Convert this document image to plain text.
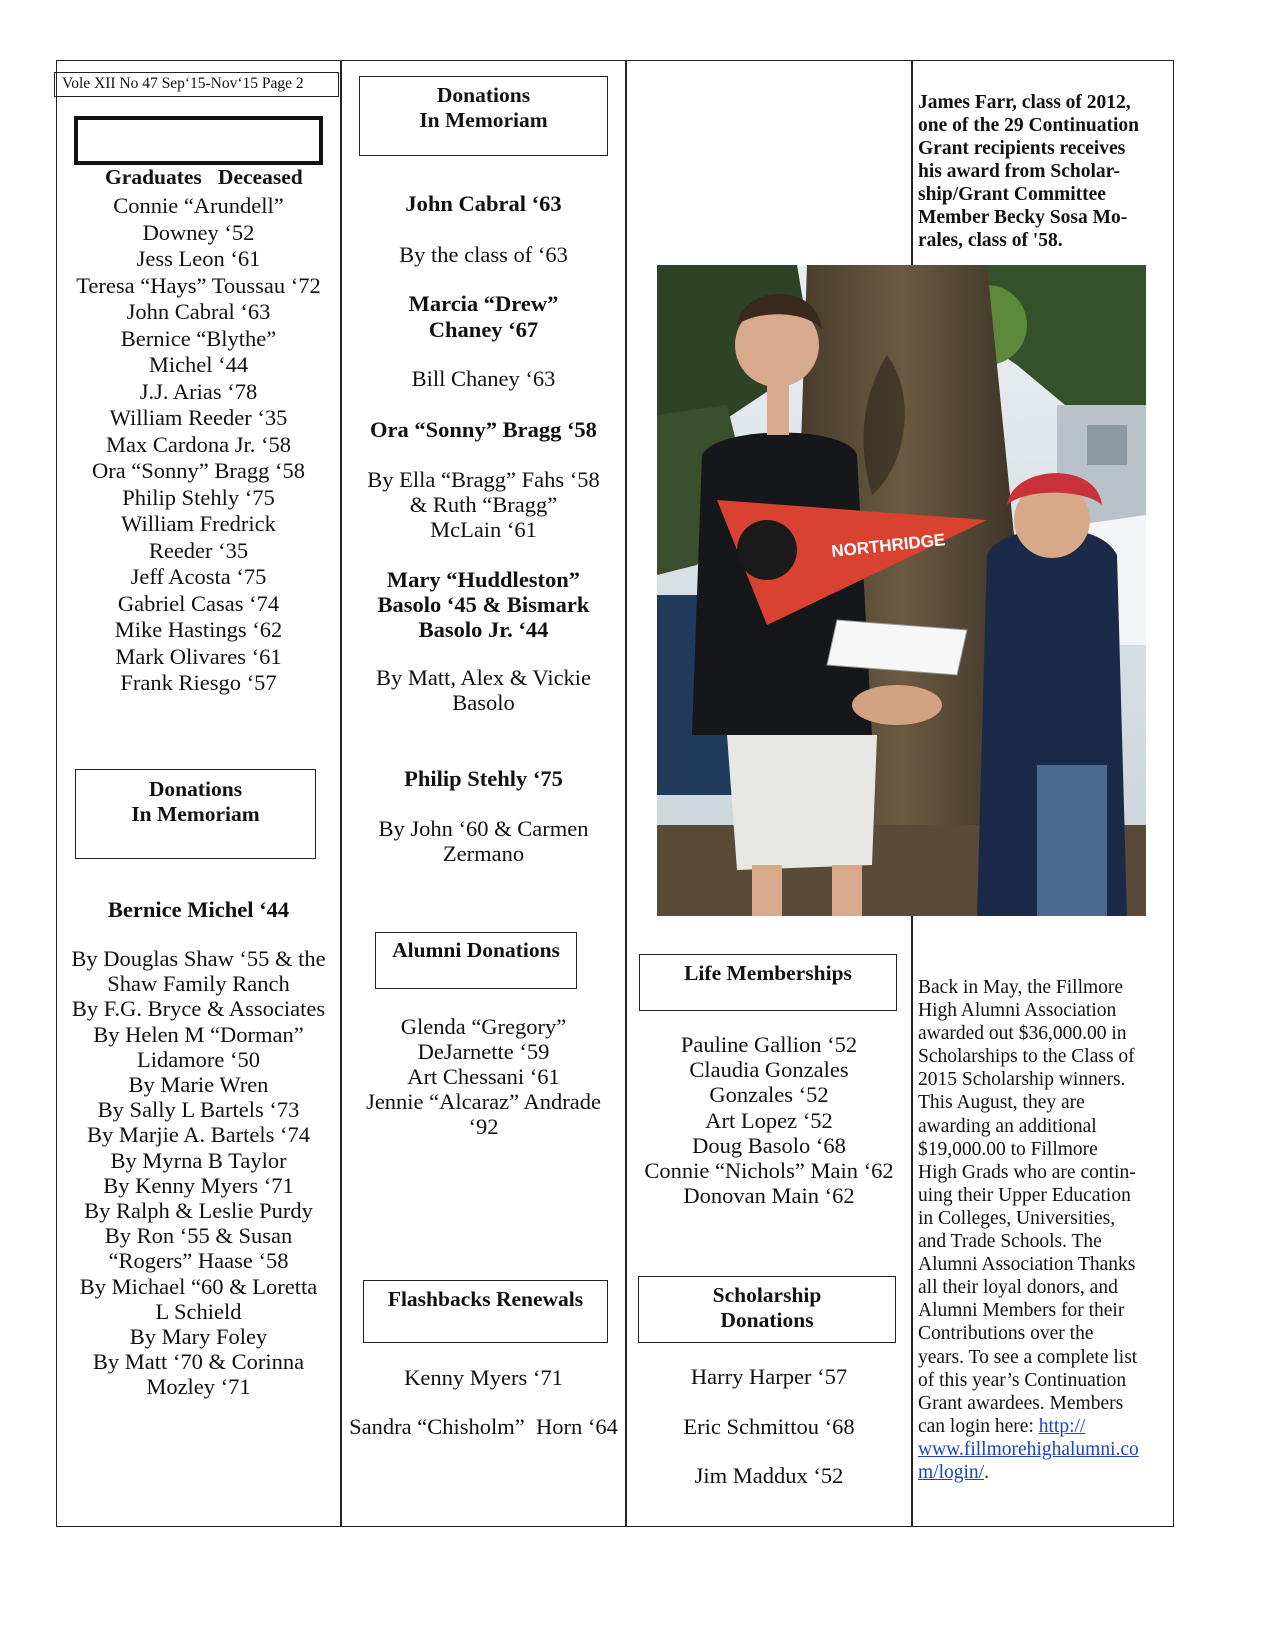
Vole XII No 47 Sep‘15-Nov‘15 Page 2

Graduates   Deceased

Connie “Arundell”
Downey ‘52
Jess Leon ‘61
Teresa “Hays” Toussau ‘72
John Cabral ‘63
Bernice “Blythe”
Michel ‘44
J.J. Arias ‘78
William Reeder ‘35
Max Cardona Jr. ‘58
Ora “Sonny” Bragg ‘58
Philip Stehly ‘75
William Fredrick
Reeder ‘35
Jeff Acosta ‘75
Gabriel Casas ‘74
Mike Hastings ‘62
Mark Olivares ‘61
Frank Riesgo ‘57
Donations
In Memoriam
Bernice Michel ‘44
By Douglas Shaw ‘55 & the
Shaw Family Ranch
By F.G. Bryce & Associates
By Helen M “Dorman”
Lidamore ‘50
By Marie Wren
By Sally L Bartels ‘73
By Marjie A. Bartels ‘74
By Myrna B Taylor
By Kenny Myers ‘71
By Ralph & Leslie Purdy
By Ron ‘55 & Susan
“Rogers” Haase ‘58
By Michael “60 & Loretta
L Schield
By Mary Foley
By Matt ‘70 & Corinna
Mozley ‘71
Donations
In Memoriam
John Cabral ‘63
By the class of ‘63
Marcia “Drew”
Chaney ‘67
Bill Chaney ‘63
Ora “Sonny” Bragg ‘58
By Ella “Bragg” Fahs ‘58
& Ruth “Bragg”
McLain ‘61
Mary “Huddleston”
Basolo ‘45 & Bismark
Basolo Jr. ‘44
By Matt, Alex & Vickie
Basolo
Philip Stehly ‘75
By John ‘60 & Carmen
Zermano
Alumni Donations
Glenda “Gregory”
DeJarnette ‘59
Art Chessani ‘61
Jennie “Alcaraz” Andrade
‘92
Flashbacks Renewals
Kenny Myers ‘71
Sandra “Chisholm”  Horn ‘64
NORTHRIDGE
Life Memberships
Pauline Gallion ‘52
Claudia Gonzales
Gonzales ‘52
Art Lopez ‘52
Doug Basolo ‘68
Connie “Nichols” Main ‘62
Donovan Main ‘62
Scholarship
Donations
Harry Harper ‘57
Eric Schmittou ‘68
Jim Maddux ‘52
James Farr, class of 2012,
one of the 29 Continuation
Grant recipients receives
his award from Scholar-
ship/Grant Committee
Member Becky Sosa Mo-
rales, class of '58.
Back in May, the Fillmore
High Alumni Association
awarded out $36,000.00 in
Scholarships to the Class of
2015 Scholarship winners.
This August, they are
awarding an additional
$19,000.00 to Fillmore
High Grads who are contin-
uing their Upper Education
in Colleges, Universities,
and Trade Schools. The
Alumni Association Thanks
all their loyal donors, and
Alumni Members for their
Contributions over the
years. To see a complete list
of this year’s Continuation
Grant awardees. Members
can login here: http://
www.fillmorehighalumni.co
m/login/.
